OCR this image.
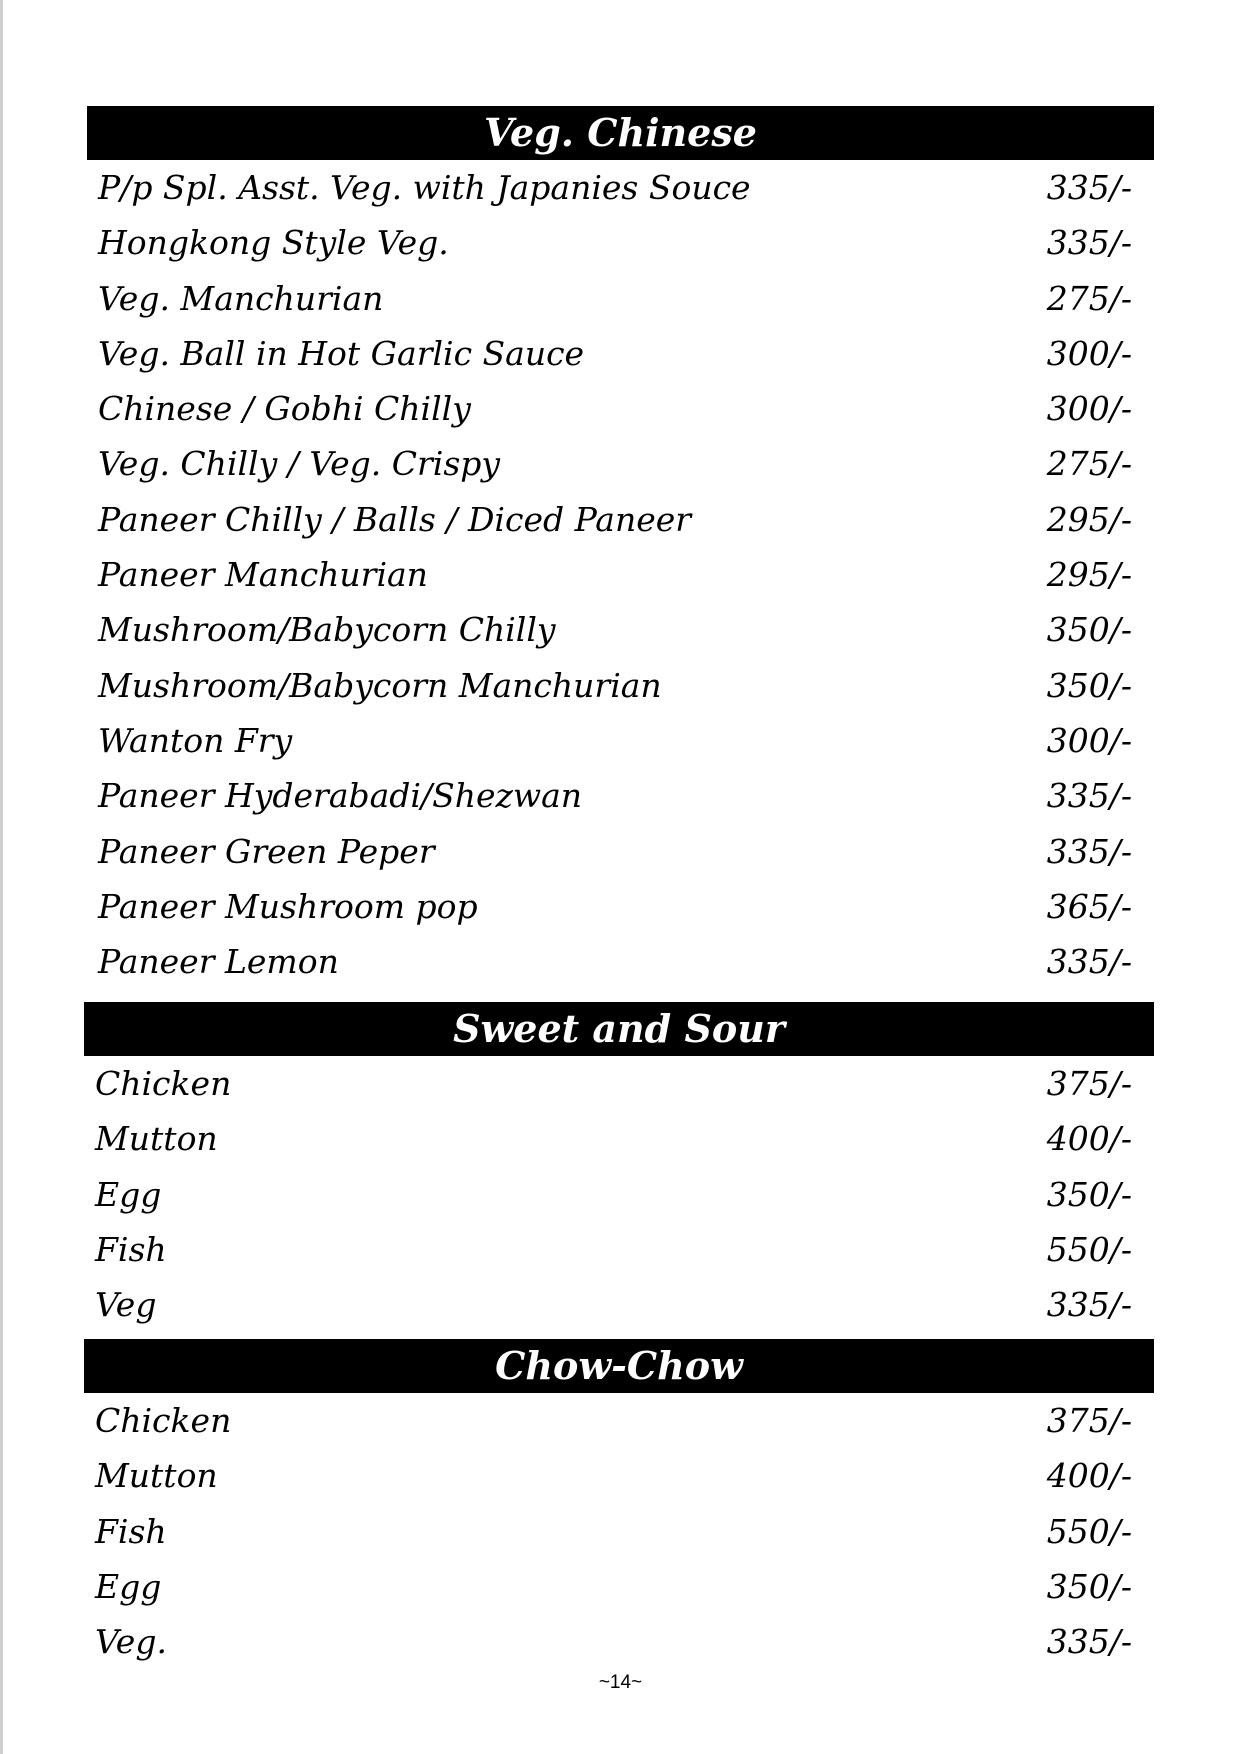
Veg. Chinese
P/p Spl. Asst. Veg. with Japanies Souce	335/-
Hongkong Style Veg.	335/-
Veg. Manchurian	275/-
Veg. Ball in Hot Garlic Sauce	300/-
Chinese / Gobhi Chilly	300/-
Veg. Chilly / Veg. Crispy	275/-
Paneer Chilly / Balls / Diced Paneer	295/-
Paneer Manchurian	295/-
Mushroom/Babycorn Chilly	350/-
Mushroom/Babycorn Manchurian	350/-
Wanton Fry	300/-
Paneer Hyderabadi/Shezwan	335/-
Paneer Green Peper	335/-
Paneer Mushroom pop	365/-
Paneer Lemon	335/-
Sweet and Sour
Chicken	375/-
Mutton	400/-
Egg	350/-
Fish	550/-
Veg	335/-
Chow-Chow
Chicken	375/-
Mutton	400/-
Fish	550/-
Egg	350/-
Veg.	335/-
~14~
